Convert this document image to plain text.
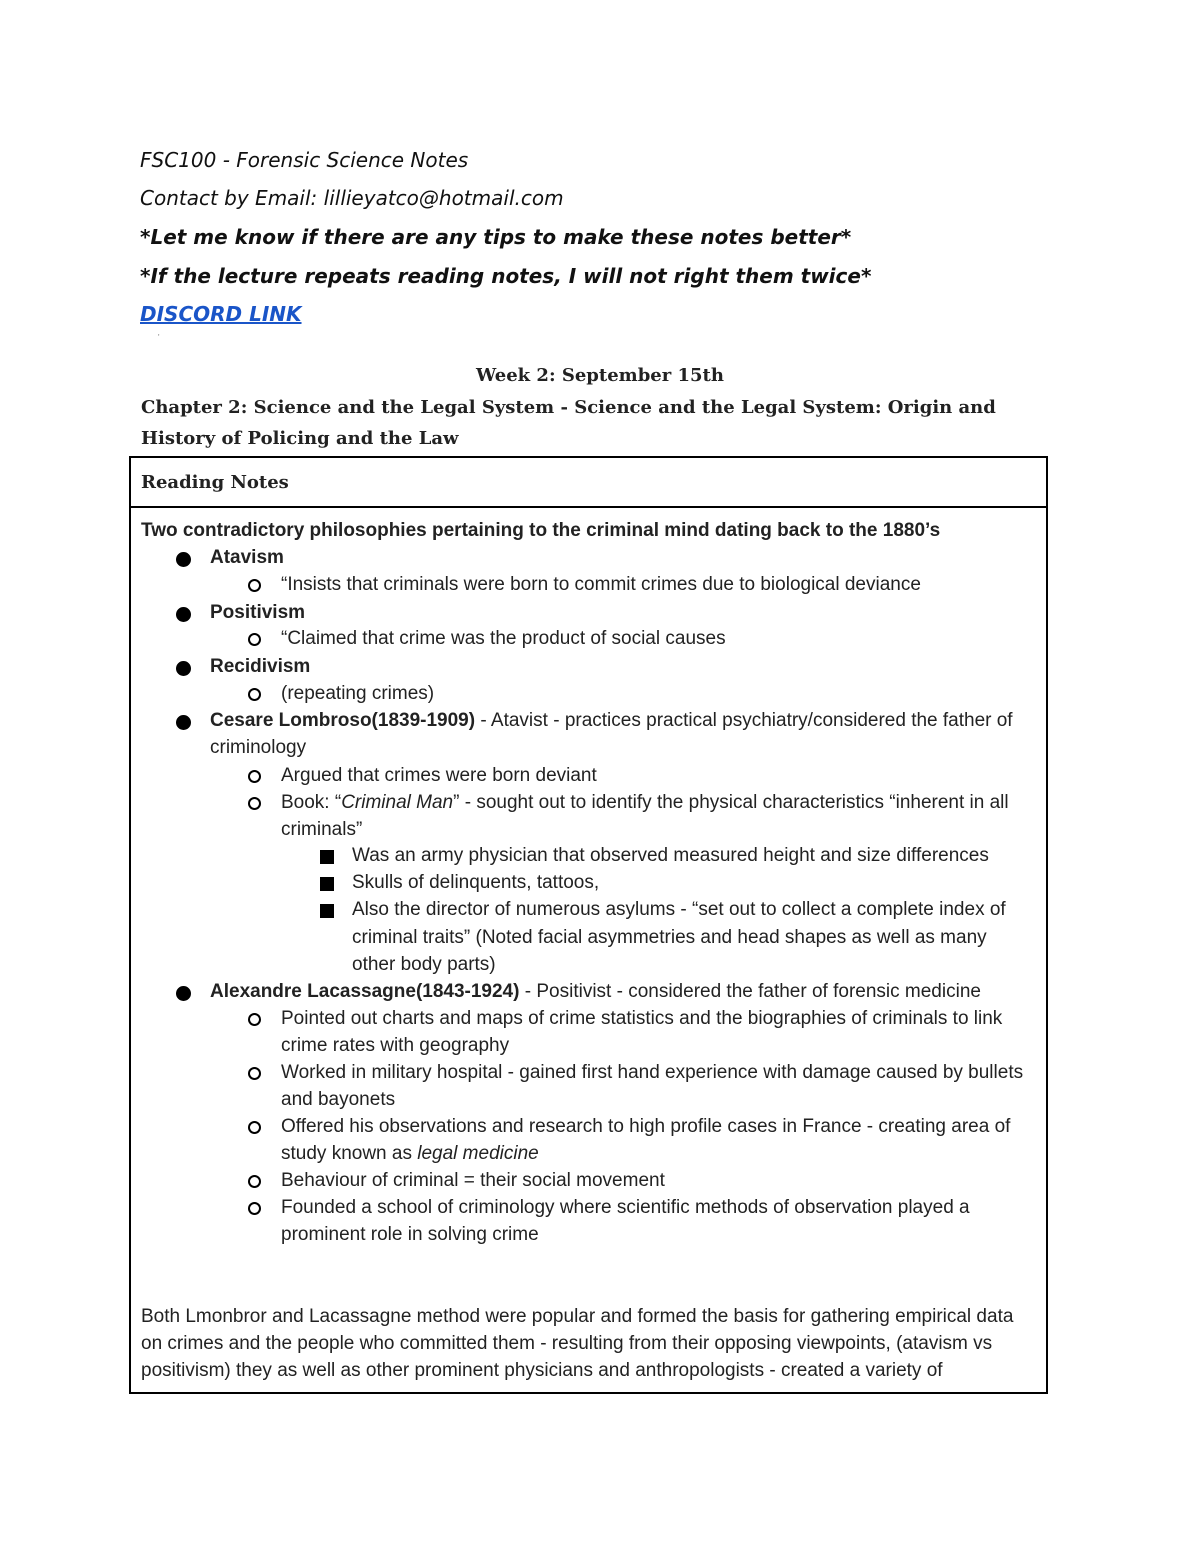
FSC100 - Forensic Science Notes
Contact by Email: lillieyatco@hotmail.com
*Let me know if there are any tips to make these notes better*
*If the lecture repeats reading notes, I will not right them twice*
DISCORD LINK
'
Week 2: September 15th
Chapter 2: Science and the Legal System - Science and the Legal System: Origin and History of Policing and the Law
Reading Notes
Two contradictory philosophies pertaining to the criminal mind dating back to the 1880’s
Atavism
“Insists that criminals were born to commit crimes due to biological deviance
Positivism
“Claimed that crime was the product of social causes
Recidivism
(repeating crimes)
Cesare Lombroso(1839-1909) - Atavist - practices practical psychiatry/considered the father of
criminology
Argued that crimes were born deviant
Book: “Criminal Man” - sought out to identify the physical characteristics “inherent in all
criminals”
Was an army physician that observed measured height and size differences
Skulls of delinquents, tattoos,
Also the director of numerous asylums - “set out to collect a complete index of
criminal traits” (Noted facial asymmetries and head shapes as well as many
other body parts)
Alexandre Lacassagne(1843-1924) - Positivist - considered the father of forensic medicine
Pointed out charts and maps of crime statistics and the biographies of criminals to link
crime rates with geography
Worked in military hospital - gained first hand experience with damage caused by bullets
and bayonets
Offered his observations and research to high profile cases in France - creating area of
study known as legal medicine
Behaviour of criminal = their social movement
Founded a school of criminology where scientific methods of observation played a
prominent role in solving crime
Both Lmonbror and Lacassagne method were popular and formed the basis for gathering empirical data
on crimes and the people who committed them - resulting from their opposing viewpoints, (atavism vs
positivism) they as well as other prominent physicians and anthropologists - created a variety of
